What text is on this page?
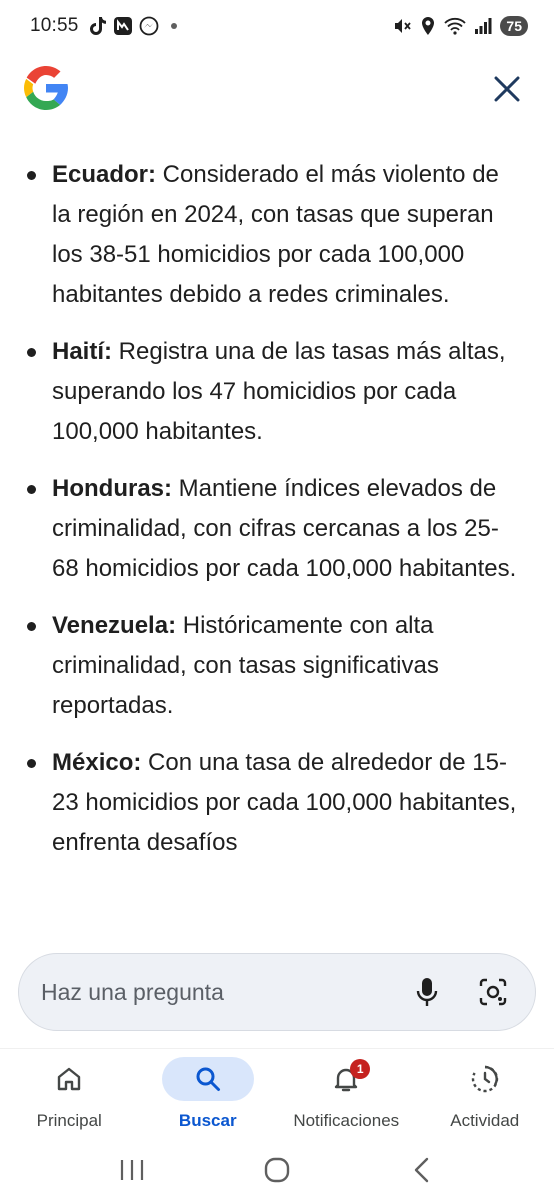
10:55	75
Ecuador: Considerado el más violento de la región en 2024, con tasas que superan los 38-51 homicidios por cada 100,000 habitantes debido a redes criminales.
Haití: Registra una de las tasas más altas, superando los 47 homicidios por cada 100,000 habitantes.
Honduras: Mantiene índices elevados de criminalidad, con cifras cercanas a los 25-68 homicidios por cada 100,000 habitantes.
Venezuela: Históricamente con alta criminalidad, con tasas significativas reportadas.
México: Con una tasa de alrededor de 15-23 homicidios por cada 100,000 habitantes, enfrenta desafíos
Haz una pregunta
Principal	Buscar
1
Notificaciones	Actividad
